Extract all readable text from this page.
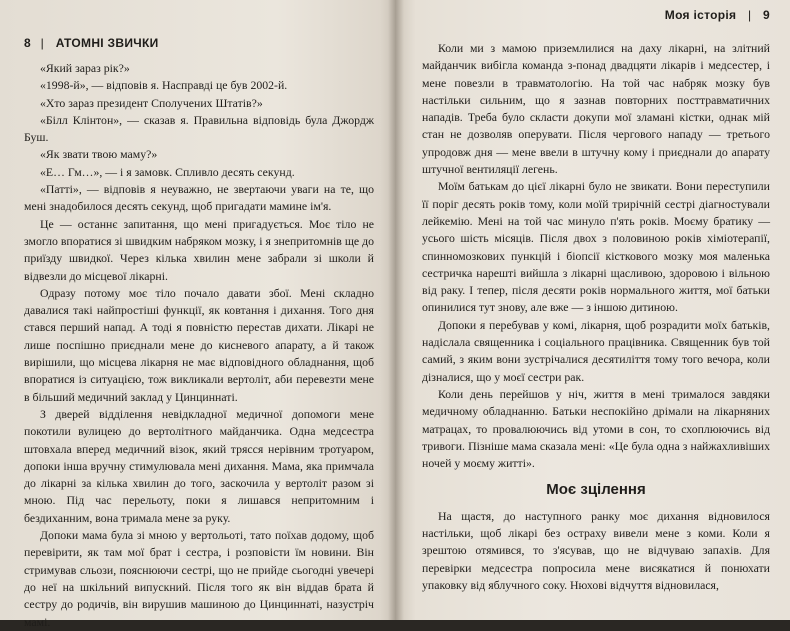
8 | АТОМНІ ЗВИЧКИ

«Який зараз рік?»

«1998-й», — відповів я. Насправді це був 2002-й.

«Хто зараз президент Сполучених Штатів?»

«Білл Клінтон», — сказав я. Правильна відповідь була Джордж Буш.

«Як звати твою маму?»

«Е… Гм…», — і я замовк. Спливло десять секунд.

«Патті», — відповів я неуважно, не звертаючи уваги на те, що мені знадобилося десять секунд, щоб пригадати мамине ім'я.

Це — останнє запитання, що мені пригадується. Моє тіло не змогло впоратися зі швидким набряком мозку, і я знепритомнів ще до приїзду швидкої. Через кілька хвилин мене забрали зі школи й відвезли до місцевої лікарні.

Одразу потому моє тіло почало давати збої. Мені складно давалися такі найпростіші функції, як ковтання і дихання. Того дня стався перший напад. А тоді я повністю перестав дихати. Лікарі не лише поспішно приєднали мене до кисневого апарату, а й також вирішили, що місцева лікарня не має відповідного обладнання, щоб впоратися із ситуацією, тож викликали вертоліт, аби перевезти мене в більший медичний заклад у Цинциннаті.

З дверей відділення невідкладної медичної допомоги мене покотили вулицею до вертолітного майданчика. Одна медсестра штовхала вперед медичний візок, який трясся нерівним тротуаром, допоки інша вручну стимулювала мені дихання. Мама, яка примчала до лікарні за кілька хвилин до того, заскочила у вертоліт разом зі мною. Під час перельоту, поки я лишався непритомним і бездиханним, вона тримала мене за руку.

Допоки мама була зі мною у вертольоті, тато поїхав додому, щоб перевірити, як там мої брат і сестра, і розповісти їм новини. Він стримував сльози, пояснюючи сестрі, що не прийде сьогодні увечері до неї на шкільний випускний. Після того як він віддав брата й сестру до родичів, він вирушив машиною до Цинциннаті, назустріч мамі.

Моя історія | 9

Коли ми з мамою приземлилися на даху лікарні, на злітний майданчик вибігла команда з-понад двадцяти лікарів і медсестер, і мене повезли в травматологію. На той час набряк мозку був настільки сильним, що я зазнав повторних посттравматичних нападів. Треба було скласти докупи мої зламані кістки, однак мій стан не дозволяв оперувати. Після чергового нападу — третього упродовж дня — мене ввели в штучну кому і приєднали до апарату штучної вентиляції легень.

Моїм батькам до цієї лікарні було не звикати. Вони переступили її поріг десять років тому, коли моїй трирічній сестрі діагностували лейкемію. Мені на той час минуло п'ять років. Моєму братику — усього шість місяців. Після двох з половиною років хіміотерапії, спинномозкових пункцій і біопсії кісткового мозку моя маленька сестричка нарешті вийшла з лікарні щасливою, здоровою і вільною від раку. І тепер, після десяти років нормального життя, мої батьки опинилися тут знову, але вже — з іншою дитиною.

Допоки я перебував у комі, лікарня, щоб розрадити моїх батьків, надіслала священника і соціального працівника. Священник був той самий, з яким вони зустрічалися десятиліття тому того вечора, коли дізналися, що у моєї сестри рак.

Коли день перейшов у ніч, життя в мені трималося завдяки медичному обладнанню. Батьки неспокійно дрімали на лікарняних матрацах, то провалюючись від утоми в сон, то схоплюючись від тривоги. Пізніше мама сказала мені: «Це була одна з найжахливіших ночей у моєму житті».

Моє зцілення

На щастя, до наступного ранку моє дихання відновилося настільки, щоб лікарі без остраху вивели мене з коми. Коли я зрештою отямився, то з'ясував, що не відчуваю запахів. Для перевірки медсестра попросила мене висякатися й понюхати упаковку від яблучного соку. Нюхові відчуття відновилася,
